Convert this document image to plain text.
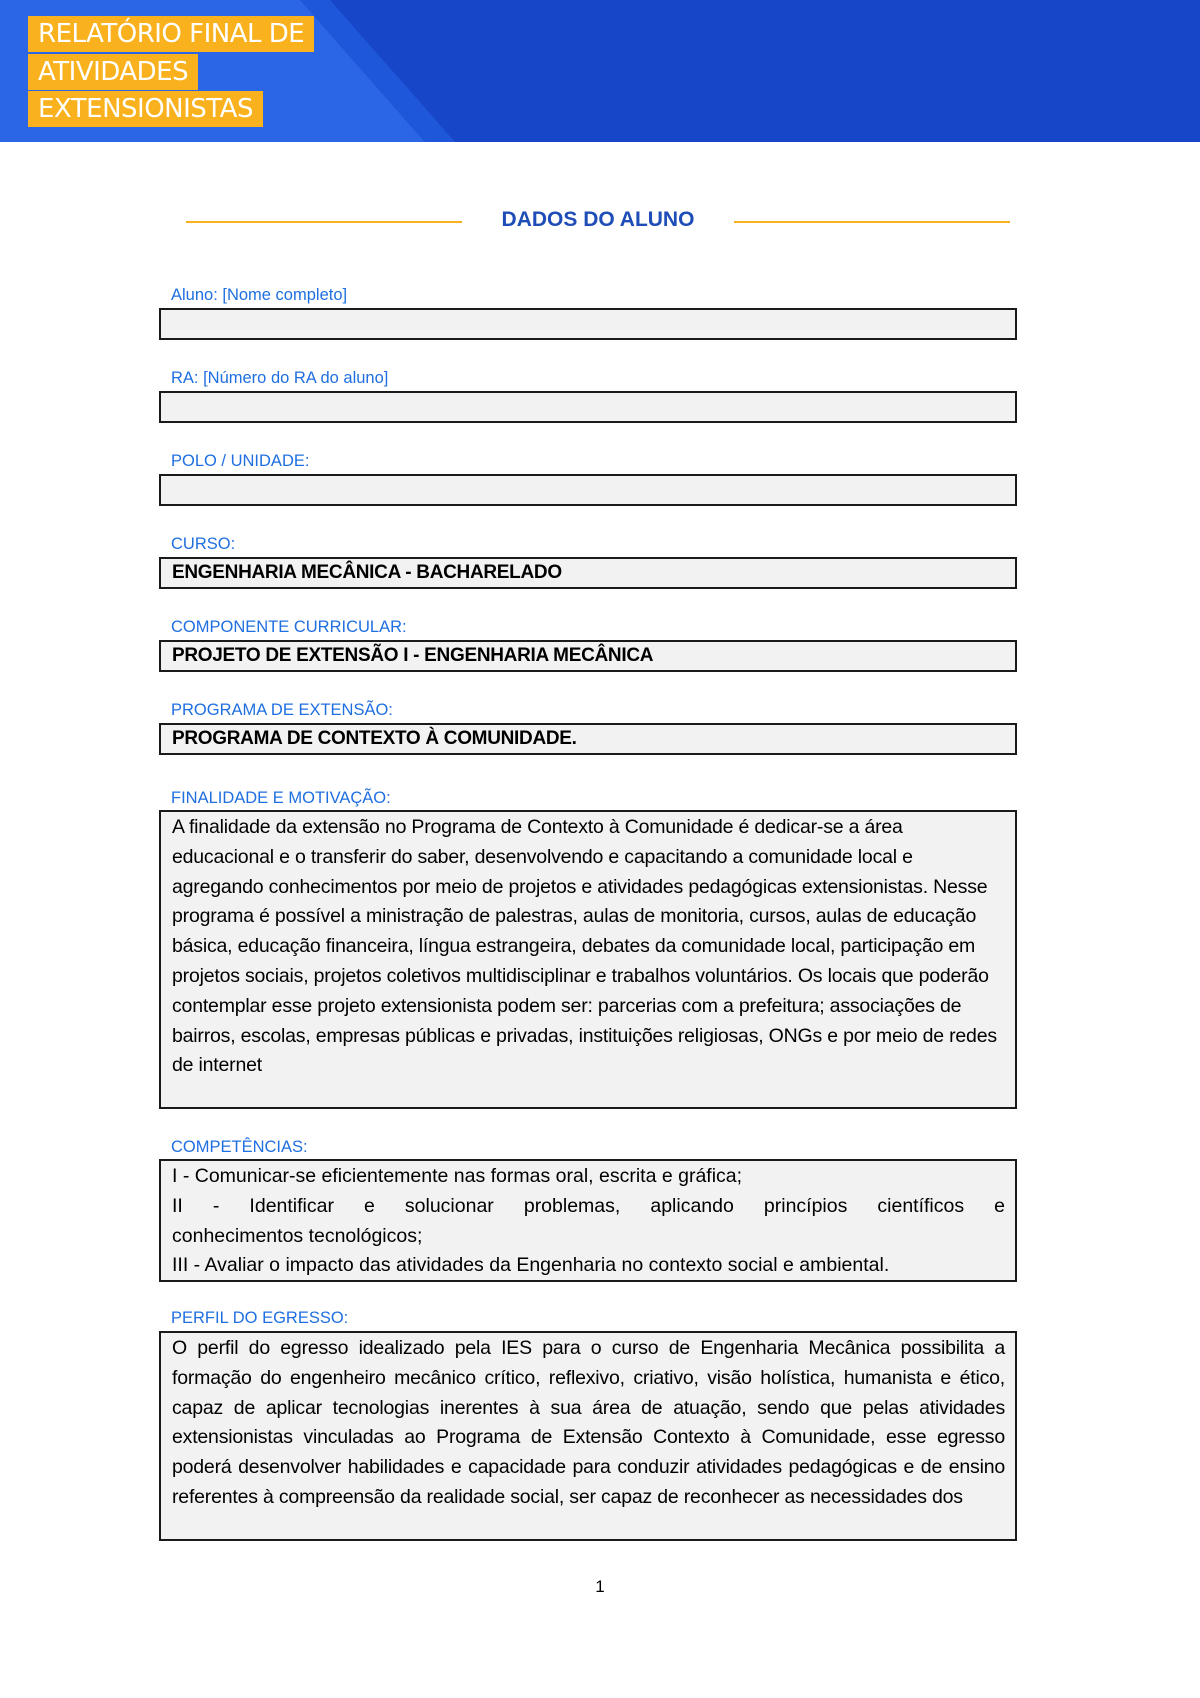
RELATÓRIO FINAL DE
ATIVIDADES
EXTENSIONISTAS
DADOS DO ALUNO
Aluno: [Nome completo]
RA: [Número do RA do aluno]
POLO / UNIDADE:
CURSO:
ENGENHARIA MECÂNICA - BACHARELADO
COMPONENTE CURRICULAR:
PROJETO DE EXTENSÃO I - ENGENHARIA MECÂNICA
PROGRAMA DE EXTENSÃO:
PROGRAMA DE CONTEXTO À COMUNIDADE.
FINALIDADE E MOTIVAÇÃO:
A finalidade da extensão no Programa de Contexto à Comunidade é dedicar-se a área educacional e o transferir do saber, desenvolvendo e capacitando a comunidade local e agregando conhecimentos por meio de projetos e atividades pedagógicas extensionistas. Nesse programa é possível a ministração de palestras, aulas de monitoria, cursos, aulas de educação básica, educação financeira, língua estrangeira, debates da comunidade local, participação em projetos sociais, projetos coletivos multidisciplinar e trabalhos voluntários. Os locais que poderão contemplar esse projeto extensionista podem ser: parcerias com a prefeitura; associações de bairros, escolas, empresas públicas e privadas, instituições religiosas, ONGs e por meio de redes de internet
COMPETÊNCIAS:
I - Comunicar-se eficientemente nas formas oral, escrita e gráfica;
II - Identificar e solucionar problemas, aplicando princípios científicos e
conhecimentos tecnológicos;
III - Avaliar o impacto das atividades da Engenharia no contexto social e ambiental.
PERFIL DO EGRESSO:
O perfil do egresso idealizado pela IES para o curso de Engenharia Mecânica possibilita a formação do engenheiro mecânico crítico, reflexivo, criativo, visão holística, humanista e ético, capaz de aplicar tecnologias inerentes à sua área de atuação, sendo que pelas atividades extensionistas vinculadas ao Programa de Extensão Contexto à Comunidade, esse egresso poderá desenvolver habilidades e capacidade para conduzir atividades pedagógicas e de ensino referentes à compreensão da realidade social, ser capaz de reconhecer as necessidades dos
1
